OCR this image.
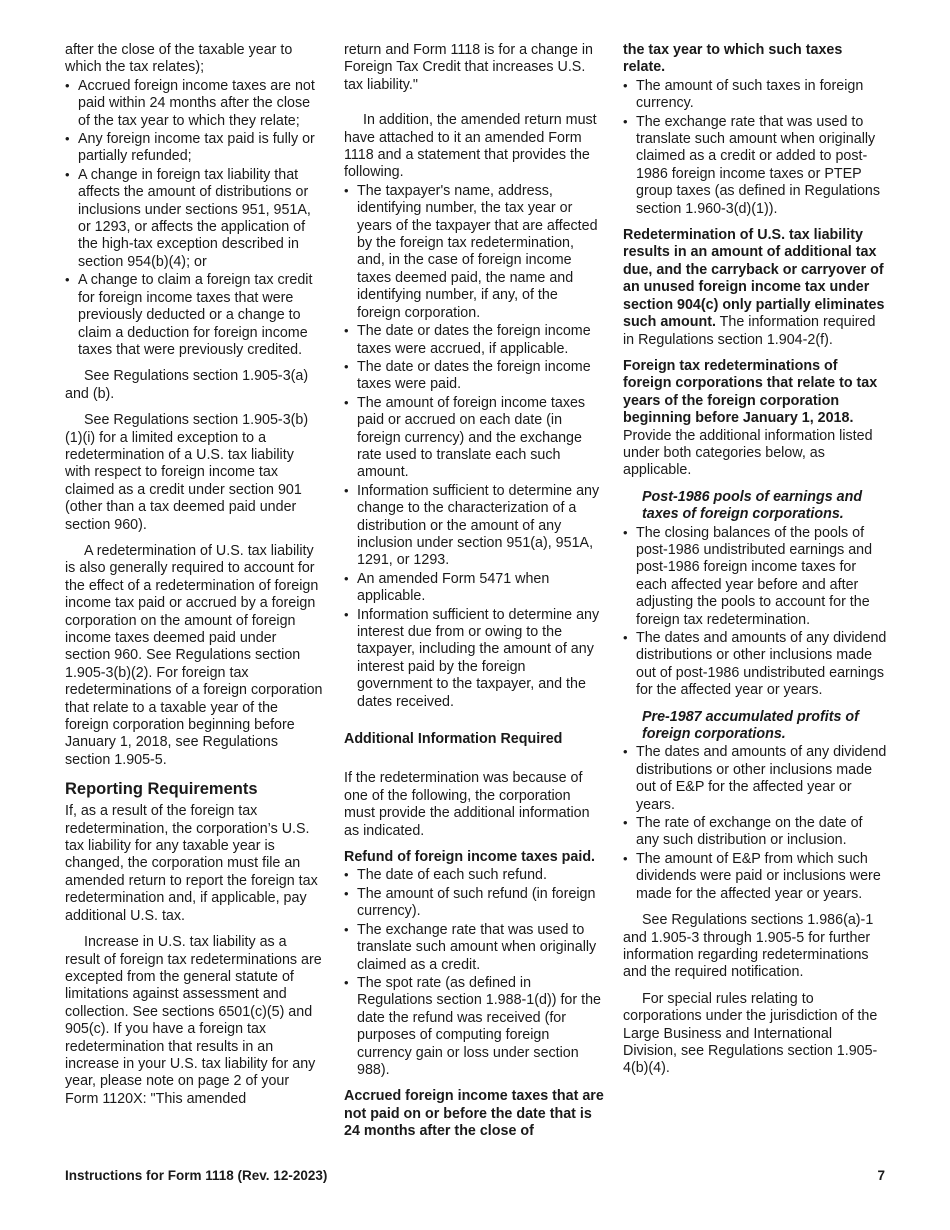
after the close of the taxable year to which the tax relates);

• Accrued foreign income taxes are not paid within 24 months after the close of the tax year to which they relate;
• Any foreign income tax paid is fully or partially refunded;
• A change in foreign tax liability that affects the amount of distributions or inclusions under sections 951, 951A, or 1293, or affects the application of the high-tax exception described in section 954(b)(4); or
• A change to claim a foreign tax credit for foreign income taxes that were previously deducted or a change to claim a deduction for foreign income taxes that were previously credited.

See Regulations section 1.905-3(a) and (b).

See Regulations section 1.905-3(b)(1)(i) for a limited exception to a redetermination of a U.S. tax liability with respect to foreign income tax claimed as a credit under section 901 (other than a tax deemed paid under section 960).

A redetermination of U.S. tax liability is also generally required to account for the effect of a redetermination of foreign income tax paid or accrued by a foreign corporation on the amount of foreign income taxes deemed paid under section 960. See Regulations section 1.905-3(b)(2). For foreign tax redeterminations of a foreign corporation that relate to a taxable year of the foreign corporation beginning before January 1, 2018, see Regulations section 1.905-5.

Reporting Requirements

If, as a result of the foreign tax redetermination, the corporation’s U.S. tax liability for any taxable year is changed, the corporation must file an amended return to report the foreign tax redetermination and, if applicable, pay additional U.S. tax.

Increase in U.S. tax liability as a result of foreign tax redeterminations are excepted from the general statute of limitations against assessment and collection. See sections 6501(c)(5) and 905(c). If you have a foreign tax redetermination that results in an increase in your U.S. tax liability for any year, please note on page 2 of your Form 1120X: "This amended

return and Form 1118 is for a change in Foreign Tax Credit that increases U.S. tax liability."

In addition, the amended return must have attached to it an amended Form 1118 and a statement that provides the following.

• The taxpayer's name, address, identifying number, the tax year or years of the taxpayer that are affected by the foreign tax redetermination, and, in the case of foreign income taxes deemed paid, the name and identifying number, if any, of the foreign corporation.
• The date or dates the foreign income taxes were accrued, if applicable.
• The date or dates the foreign income taxes were paid.
• The amount of foreign income taxes paid or accrued on each date (in foreign currency) and the exchange rate used to translate each such amount.
• Information sufficient to determine any change to the characterization of a distribution or the amount of any inclusion under section 951(a), 951A, 1291, or 1293.
• An amended Form 5471 when applicable.
• Information sufficient to determine any interest due from or owing to the taxpayer, including the amount of any interest paid by the foreign government to the taxpayer, and the dates received.
Additional Information Required

If the redetermination was because of one of the following, the corporation must provide the additional information as indicated.

Refund of foreign income taxes paid.
• The date of each such refund.
• The amount of such refund (in foreign currency).
• The exchange rate that was used to translate such amount when originally claimed as a credit.
• The spot rate (as defined in Regulations section 1.988-1(d)) for the date the refund was received (for purposes of computing foreign currency gain or loss under section 988).
Accrued foreign income taxes that are not paid on or before the date that is 24 months after the close of
the tax year to which such taxes relate.
• The amount of such taxes in foreign currency.
• The exchange rate that was used to translate such amount when originally claimed as a credit or added to post-1986 foreign income taxes or PTEP group taxes (as defined in Regulations section 1.960-3(d)(1)).

Redetermination of U.S. tax liability results in an amount of additional tax due, and the carryback or carryover of an unused foreign income tax under section 904(c) only partially eliminates such amount. The information required in Regulations section 1.904-2(f).

Foreign tax redeterminations of foreign corporations that relate to tax years of the foreign corporation beginning before January 1, 2018. Provide the additional information listed under both categories below, as applicable.

Post-1986 pools of earnings and taxes of foreign corporations.
• The closing balances of the pools of post-1986 undistributed earnings and post-1986 foreign income taxes for each affected year before and after adjusting the pools to account for the foreign tax redetermination.
• The dates and amounts of any dividend distributions or other inclusions made out of post-1986 undistributed earnings for the affected year or years.
Pre-1987 accumulated profits of foreign corporations.
• The dates and amounts of any dividend distributions or other inclusions made out of E&P for the affected year or years.
• The rate of exchange on the date of any such distribution or inclusion.
• The amount of E&P from which such dividends were paid or inclusions were made for the affected year or years.

See Regulations sections 1.986(a)-1 and 1.905-3 through 1.905-5 for further information regarding redeterminations and the required notification.

For special rules relating to corporations under the jurisdiction of the Large Business and International Division, see Regulations section 1.905-4(b)(4).

Instructions for Form 1118 (Rev. 12-2023)	7
